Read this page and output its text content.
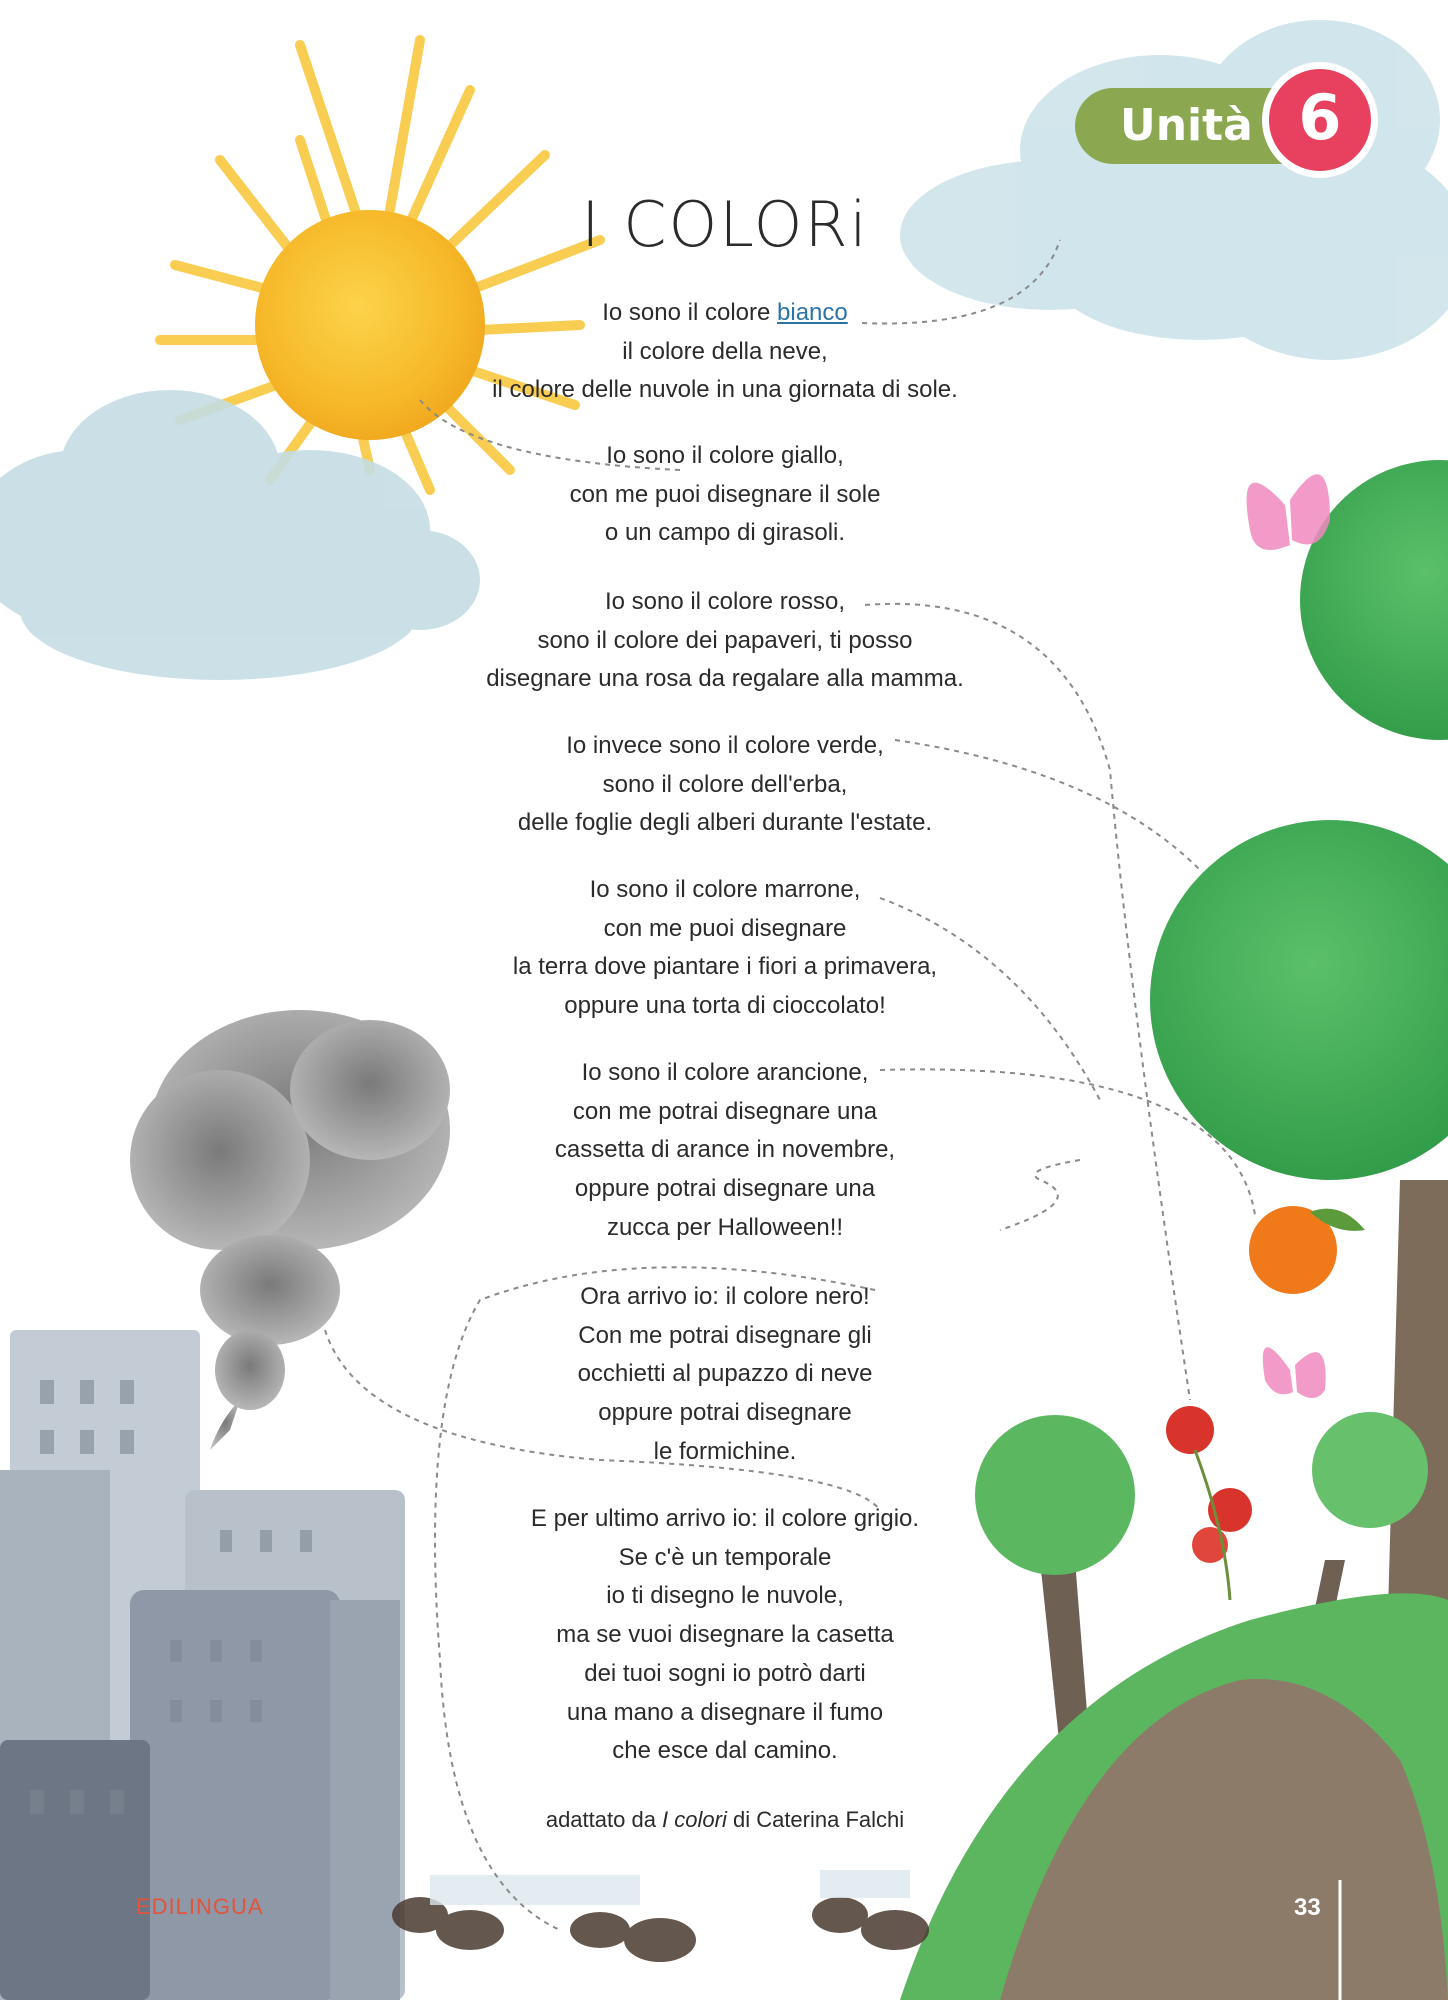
Unità 6
I COLORi
Io sono il colore bianco
il colore della neve,
il colore delle nuvole in una giornata di sole.
Io sono il colore giallo,
con me puoi disegnare il sole
o un campo di girasoli.
Io sono il colore rosso,
sono il colore dei papaveri, ti posso
disegnare una rosa da regalare alla mamma.
Io invece sono il colore verde,
sono il colore dell'erba,
delle foglie degli alberi durante l'estate.
Io sono il colore marrone,
con me puoi disegnare
la terra dove piantare i fiori a primavera,
oppure una torta di cioccolato!
Io sono il colore arancione,
con me potrai disegnare una
cassetta di arance in novembre,
oppure potrai disegnare una
zucca per Halloween!!
Ora arrivo io: il colore nero!
Con me potrai disegnare gli
occhietti al pupazzo di neve
oppure potrai disegnare
le formichine.
E per ultimo arrivo io: il colore grigio.
Se c'è un temporale
io ti disegno le nuvole,
ma se vuoi disegnare la casetta
dei tuoi sogni io potrò darti
una mano a disegnare il fumo
che esce dal camino.
adattato da I colori di Caterina Falchi
EDILINGUA	33
